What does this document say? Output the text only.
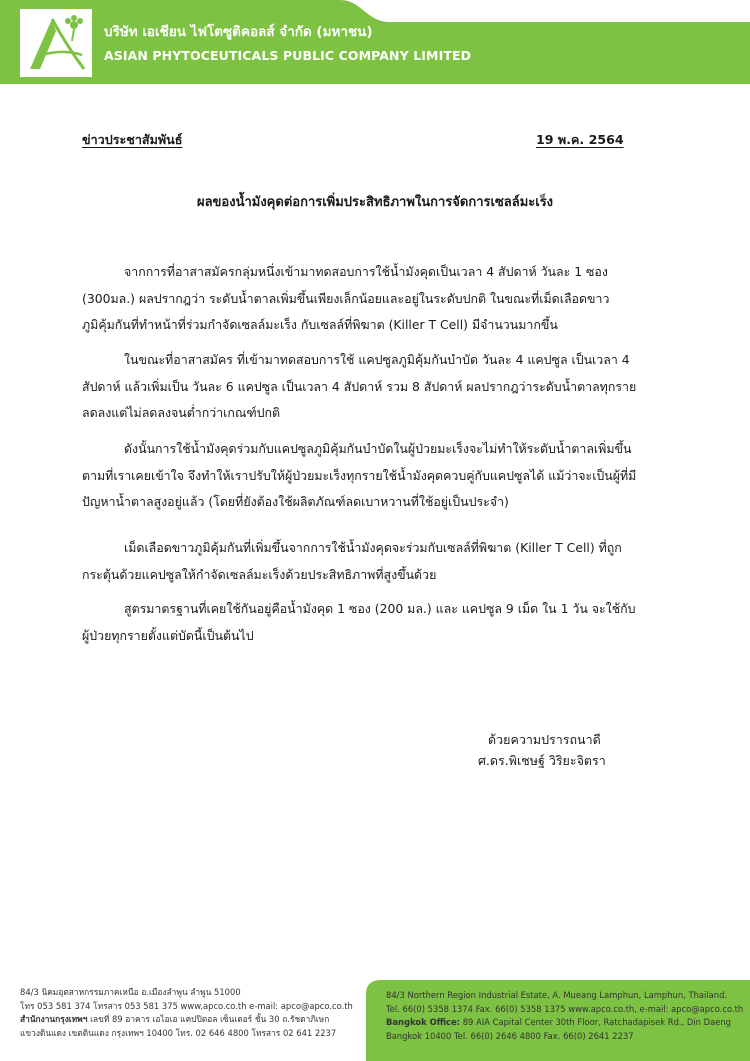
บริษัท เอเชียน ไฟโตซูติคอลส์ จำกัด (มหาชน)
ASIAN PHYTOCEUTICALS PUBLIC COMPANY LIMITED
ข่าวประชาสัมพันธ์	19 พ.ค. 2564
ผลของน้ำมังคุดต่อการเพิ่มประสิทธิภาพในการจัดการเซลล์มะเร็ง
จากการที่อาสาสมัครกลุ่มหนึ่งเข้ามาทดสอบการใช้น้ำมังคุดเป็นเวลา 4 สัปดาห์ วันละ 1 ซอง
(300มล.) ผลปรากฎว่า ระดับน้ำตาลเพิ่มขึ้นเพียงเล็กน้อยและอยู่ในระดับปกติ ในขณะที่เม็ดเลือดขาว
ภูมิคุ้มกันที่ทำหน้าที่ร่วมกำจัดเซลล์มะเร็ง กับเซลล์ที่พิฆาต (Killer T Cell) มีจำนวนมากขึ้น
ในขณะที่อาสาสมัคร ที่เข้ามาทดสอบการใช้ แคปซูลภูมิคุ้มกันบำบัด วันละ 4 แคปซูล เป็นเวลา 4
สัปดาห์ แล้วเพิ่มเป็น วันละ 6 แคปซูล เป็นเวลา 4 สัปดาห์ รวม 8 สัปดาห์ ผลปรากฎว่าระดับน้ำตาลทุกราย
ลดลงแต่ไม่ลดลงจนต่ำกว่าเกณฑ์ปกติ
ดังนั้นการใช้น้ำมังคุดร่วมกับแคปซูลภูมิคุ้มกันบำบัดในผู้ป่วยมะเร็งจะไม่ทำให้ระดับน้ำตาลเพิ่มขึ้น
ตามที่เราเคยเข้าใจ จึงทำให้เราปรับให้ผู้ป่วยมะเร็งทุกรายใช้น้ำมังคุดควบคู่กับแคปซูลได้ แม้ว่าจะเป็นผู้ที่มี
ปัญหาน้ำตาลสูงอยู่แล้ว (โดยที่ยังต้องใช้ผลิตภัณฑ์ลดเบาหวานที่ใช้อยู่เป็นประจำ)
เม็ดเลือดขาวภูมิคุ้มกันที่เพิ่มขึ้นจากการใช้น้ำมังคุดจะร่วมกับเซลล์ที่พิฆาต (Killer T Cell) ที่ถูก
กระตุ้นด้วยแคปซูลให้กำจัดเซลล์มะเร็งด้วยประสิทธิภาพที่สูงขึ้นด้วย
สูตรมาตรฐานที่เคยใช้กันอยู่คือน้ำมังคุด 1 ซอง (200 มล.) และ แคปซูล 9 เม็ด ใน 1 วัน จะใช้กับ
ผู้ป่วยทุกรายตั้งแต่บัดนี้เป็นต้นไป
ด้วยความปรารถนาดี
ศ.ดร.พิเชษฐ์ วิริยะจิตรา
84/3 นิคมอุตสาหกรรมภาคเหนือ อ.เมืองลำพูน ลำพูน 51000
โทร 053 581 374 โทรสาร 053 581 375 www.apco.co.th e-mail: apco@apco.co.th
สำนักงานกรุงเทพฯ เลขที่ 89 อาคาร เอไอเอ แคปปิตอล เซ็นเตอร์ ชั้น 30 ถ.รัชดาภิเษก
แขวงดินแดง เขตดินแดง กรุงเทพฯ 10400 โทร. 02 646 4800 โทรสาร 02 641 2237
84/3 Northern Region Industrial Estate, A. Mueang Lamphun, Lamphun, Thailand.
Tel. 66(0) 5358 1374 Fax. 66(0) 5358 1375 www.apco.co.th, e-mail: apco@apco.co.th
Bangkok Office: 89 AIA Capital Center 30th Floor, Ratchadapisek Rd., Din Daeng
Bangkok 10400 Tel. 66(0) 2646 4800 Fax. 66(0) 2641 2237
